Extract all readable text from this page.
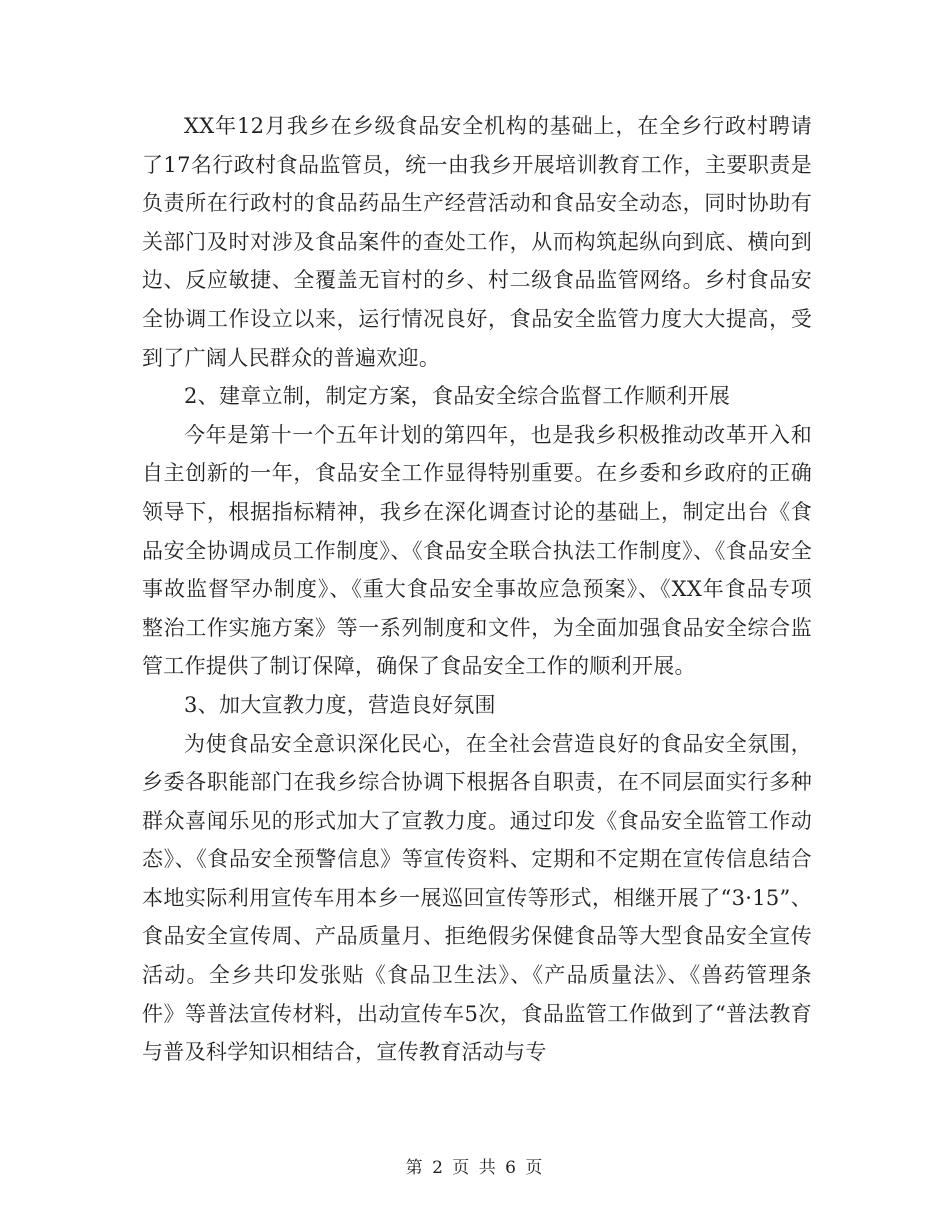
XX年12月我乡在乡级食品安全机构的基础上，在全乡行政村聘请了17名行政村食品监管员，统一由我乡开展培训教育工作，主要职责是负责所在行政村的食品药品生产经营活动和食品安全动态，同时协助有关部门及时对涉及食品案件的查处工作，从而构筑起纵向到底、横向到边、反应敏捷、全覆盖无盲村的乡、村二级食品监管网络。乡村食品安全协调工作设立以来，运行情况良好，食品安全监管力度大大提高，受到了广阔人民群众的普遍欢迎。

2、建章立制，制定方案，食品安全综合监督工作顺利开展

今年是第十一个五年计划的第四年，也是我乡积极推动改革开入和自主创新的一年，食品安全工作显得特别重要。在乡委和乡政府的正确领导下，根据指标精神，我乡在深化调查讨论的基础上，制定出台《食品安全协调成员工作制度》、《食品安全联合执法工作制度》、《食品安全事故监督罕办制度》、《重大食品安全事故应急预案》、《XX年食品专项整治工作实施方案》等一系列制度和文件，为全面加强食品安全综合监管工作提供了制订保障，确保了食品安全工作的顺利开展。

3、加大宣教力度，营造良好氛围

为使食品安全意识深化民心，在全社会营造良好的食品安全氛围，乡委各职能部门在我乡综合协调下根据各自职责，在不同层面实行多种群众喜闻乐见的形式加大了宣教力度。通过印发《食品安全监管工作动态》、《食品安全预警信息》等宣传资料、定期和不定期在宣传信息结合本地实际利用宣传车用本乡一展巡回宣传等形式，相继开展了“3·15”、食品安全宣传周、产品质量月、拒绝假劣保健食品等大型食品安全宣传活动。全乡共印发张贴《食品卫生法》、《产品质量法》、《兽药管理条件》等普法宣传材料，出动宣传车5次，食品监管工作做到了“普法教育与普及科学知识相结合，宣传教育活动与专

第 2 页 共 6 页
